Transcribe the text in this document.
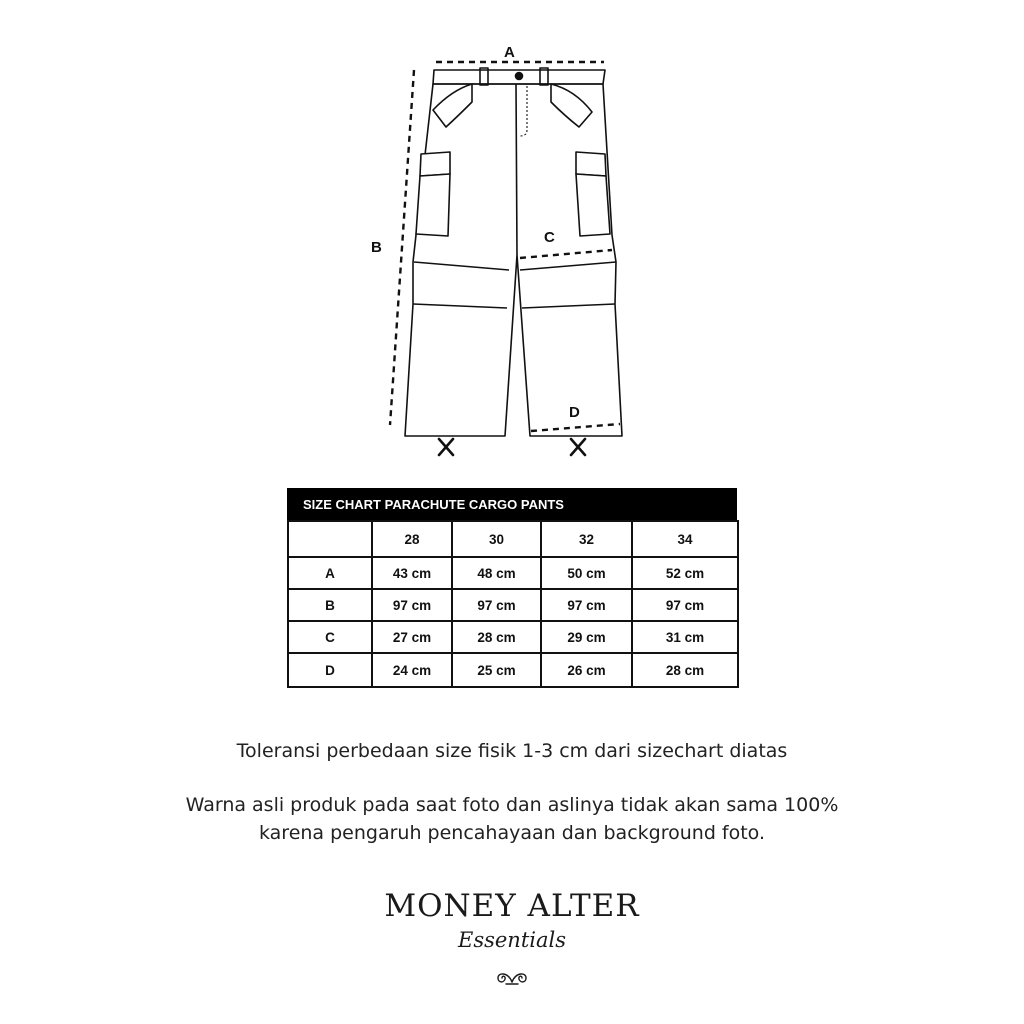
A
B
C
D
SIZE CHART PARACHUTE CARGO PANTS
	28	30	32	34
A	43 cm	48 cm	50 cm	52 cm
B	97 cm	97 cm	97 cm	97 cm
C	27 cm	28 cm	29 cm	31 cm
D	24 cm	25 cm	26 cm	28 cm
Toleransi perbedaan size fisik 1-3 cm dari sizechart diatas
Warna asli produk pada saat foto dan aslinya tidak akan sama 100%
karena pengaruh pencahayaan dan background foto.
MONEY ALTER
Essentials
